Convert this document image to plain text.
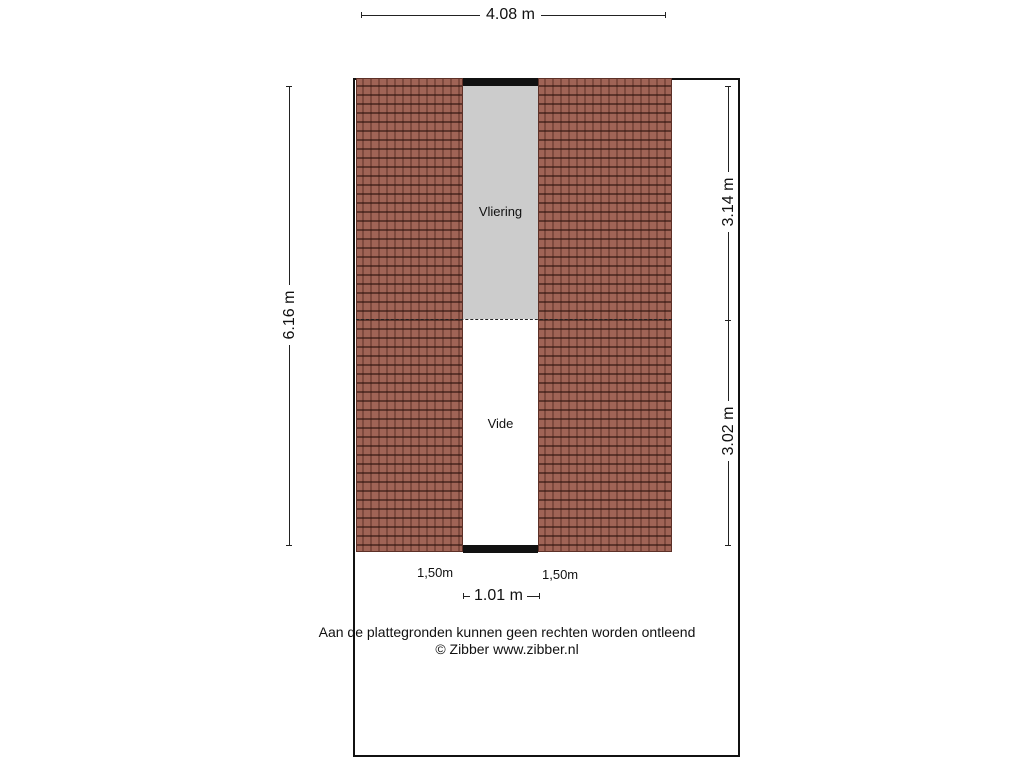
Vliering
Vide
4.08 m
6.16 m
3.14 m
3.02 m
1,50m	1,50m
1.01 m
Aan de plattegronden kunnen geen rechten worden ontleend
© Zibber www.zibber.nl
